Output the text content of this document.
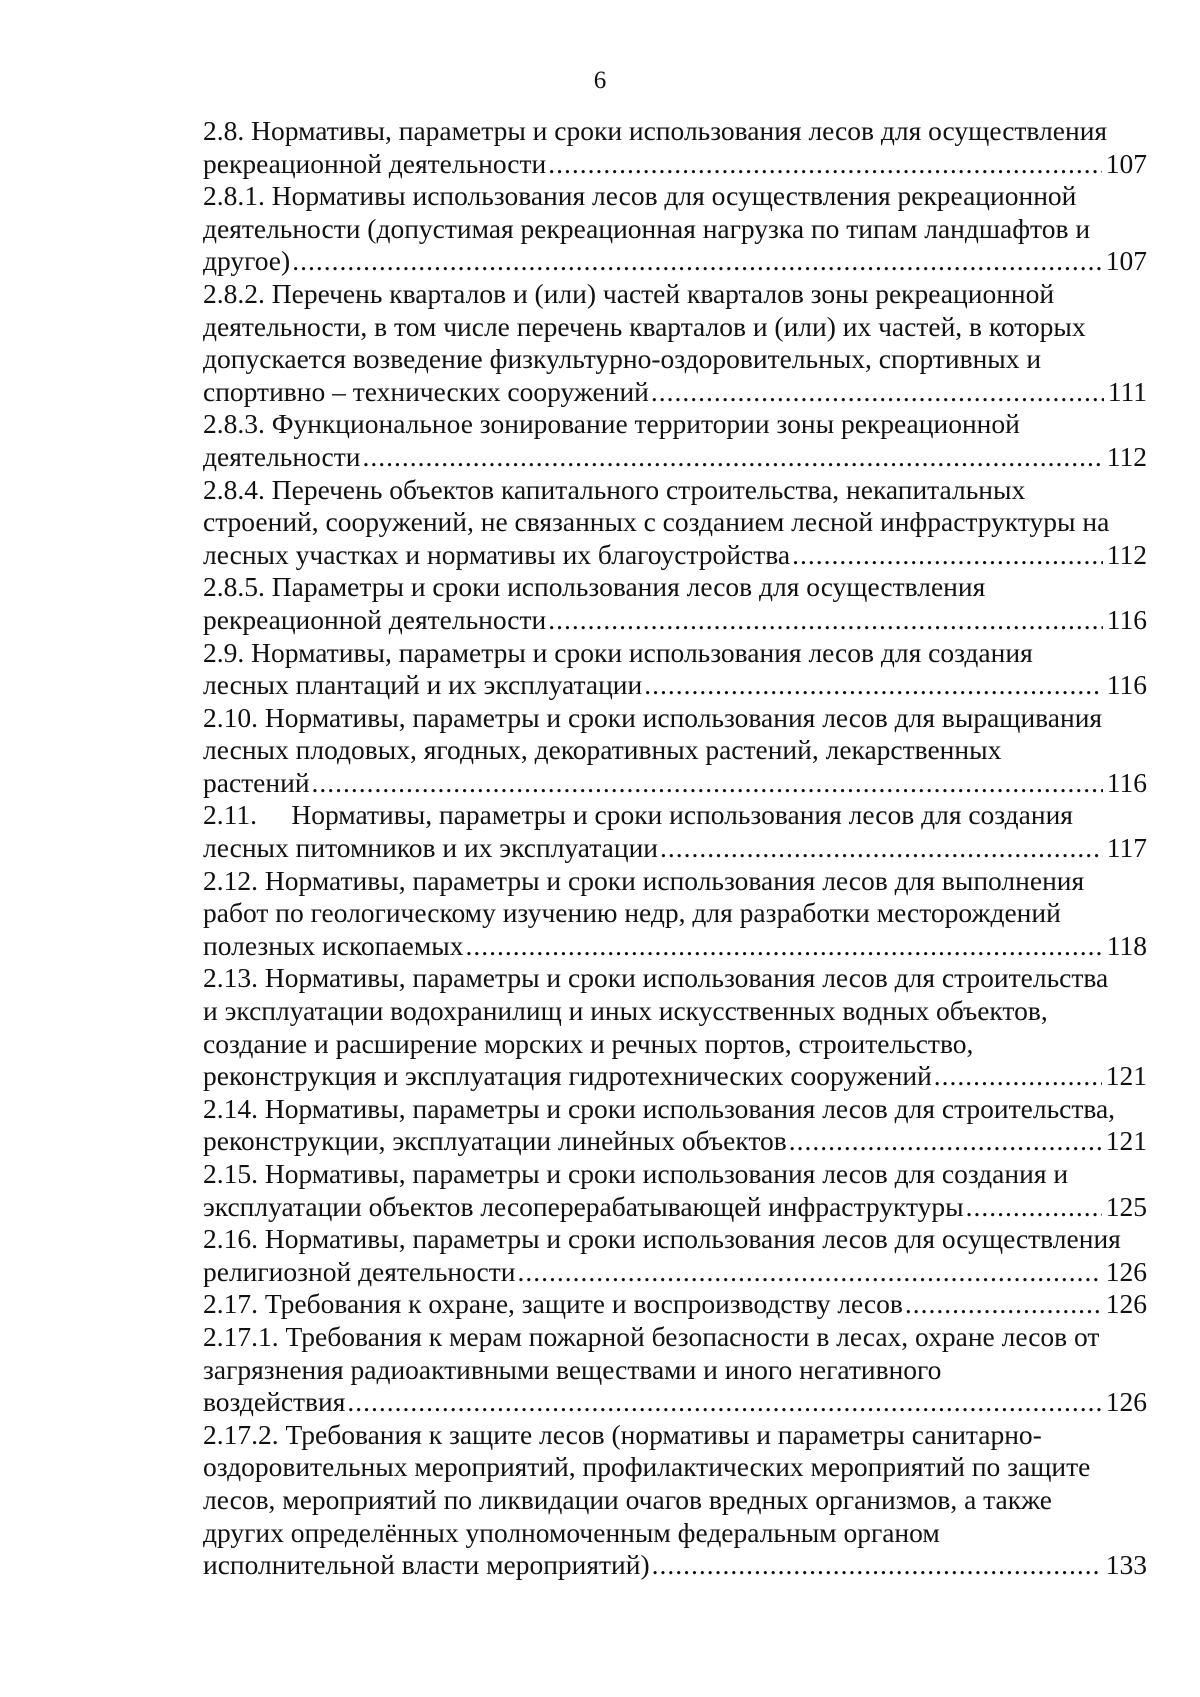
6
2.8. Нормативы, параметры и сроки использования лесов для осуществления
рекреационной деятельности .....	107
2.8.1. Нормативы использования лесов для осуществления рекреационной
деятельности (допустимая рекреационная нагрузка по типам ландшафтов и
другое) .....	107
2.8.2. Перечень кварталов и (или) частей кварталов зоны рекреационной
деятельности, в том числе перечень кварталов и (или) их частей, в которых
допускается возведение физкультурно-оздоровительных, спортивных и
спортивно – технических сооружений .....	111
2.8.3. Функциональное зонирование территории зоны рекреационной
деятельности .....	112
2.8.4. Перечень объектов капитального строительства, некапитальных
строений, сооружений, не связанных с созданием лесной инфраструктуры на
лесных участках и нормативы их благоустройства .....	112
2.8.5. Параметры и сроки использования лесов для осуществления
рекреационной деятельности .....	116
2.9. Нормативы, параметры и сроки использования лесов для создания
лесных плантаций и их эксплуатации .....	116
2.10. Нормативы, параметры и сроки использования лесов для выращивания
лесных плодовых, ягодных, декоративных растений, лекарственных
растений .....	116
2.11.     Нормативы, параметры и сроки использования лесов для создания
лесных питомников и их эксплуатации .....	117
2.12. Нормативы, параметры и сроки использования лесов для выполнения
работ по геологическому изучению недр, для разработки месторождений
полезных ископаемых .....	118
2.13. Нормативы, параметры и сроки использования лесов для строительства
и эксплуатации водохранилищ и иных искусственных водных объектов,
создание и расширение морских и речных портов, строительство,
реконструкция и эксплуатация гидротехнических сооружений .....	121
2.14. Нормативы, параметры и сроки использования лесов для строительства,
реконструкции, эксплуатации линейных объектов .....	121
2.15. Нормативы, параметры и сроки использования лесов для создания и
эксплуатации объектов лесоперерабатывающей инфраструктуры .....	125
2.16. Нормативы, параметры и сроки использования лесов для осуществления
религиозной деятельности .....	126
2.17. Требования к охране, защите и воспроизводству лесов .....	126
2.17.1. Требования к мерам пожарной безопасности в лесах, охране лесов от
загрязнения радиоактивными веществами и иного негативного
воздействия .....	126
2.17.2. Требования к защите лесов (нормативы и параметры санитарно-
оздоровительных мероприятий, профилактических мероприятий по защите
лесов, мероприятий по ликвидации очагов вредных организмов, а также
других определённых уполномоченным федеральным органом
исполнительной власти мероприятий) .....	133
